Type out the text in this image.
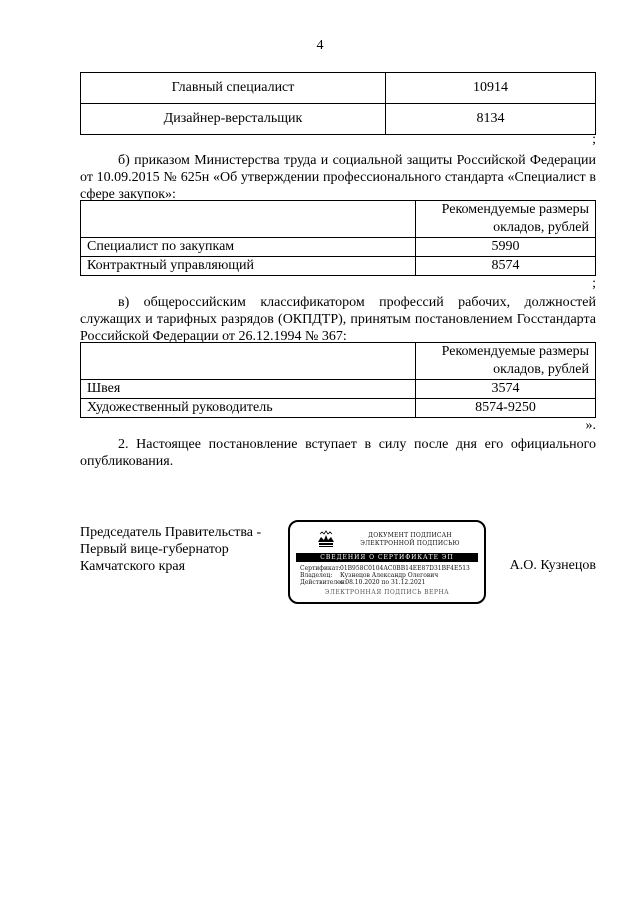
4
Главный специалист	10914
Дизайнер-верстальщик	8134
;
б) приказом Министерства труда и социальной защиты Российской Федерации от 10.09.2015 № 625н «Об утверждении профессионального стандарта «Специалист в сфере закупок»:
	Рекомендуемые размеры окладов, рублей
Специалист по закупкам	5990
Контрактный управляющий	8574
;
в) общероссийским классификатором профессий рабочих, должностей служащих и тарифных разрядов (ОКПДТР), принятым постановлением Госстандарта Российской Федерации от 26.12.1994 № 367:
	Рекомендуемые размеры окладов, рублей
Швея	3574
Художественный руководитель	8574-9250
».
2. Настоящее постановление вступает в силу после дня его официального опубликования.
Председатель Правительства -
Первый вице-губернатор
Камчатского края
ДОКУМЕНТ ПОДПИСАН
ЭЛЕКТРОННОЙ ПОДПИСЬЮ
СВЕДЕНИЯ О СЕРТИФИКАТЕ ЭП
Сертификат:01В958С0104АС0ВВ14ЕЕ87D31ВF4Е513
Владелец: Кузнецов Александр Олегович
Действителен:с 08.10.2020 по 31.12.2021
ЭЛЕКТРОННАЯ ПОДПИСЬ ВЕРНА
А.О. Кузнецов
